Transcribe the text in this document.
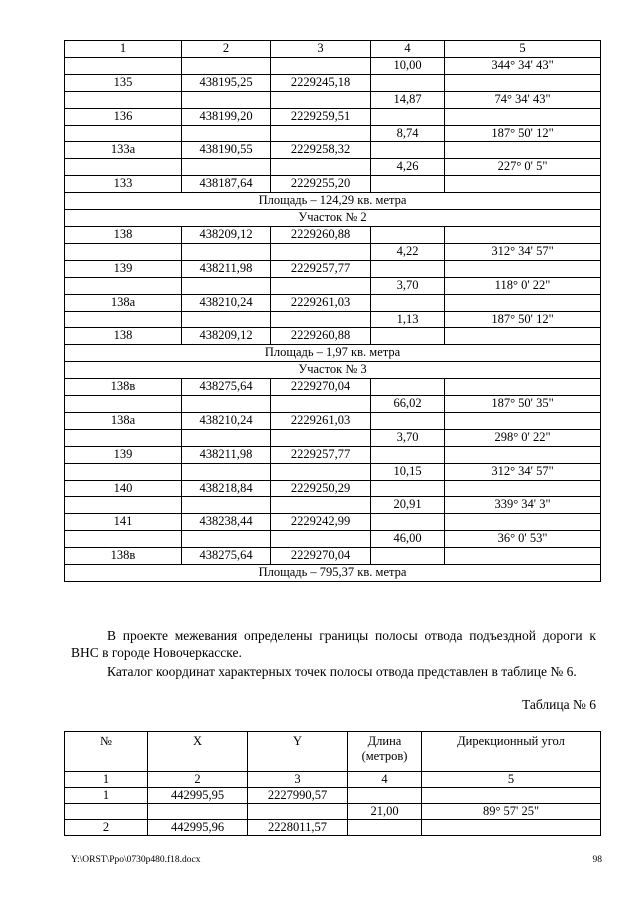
1	2	3	4	5
			10,00	344° 34' 43"
135	438195,25	2229245,18		
			14,87	74° 34' 43"
136	438199,20	2229259,51		
			8,74	187° 50' 12"
133а	438190,55	2229258,32		
			4,26	227° 0' 5"
133	438187,64	2229255,20		
Площадь – 124,29 кв. метра				
Участок № 2				
138	438209,12	2229260,88		
			4,22	312° 34' 57"
139	438211,98	2229257,77		
			3,70	118° 0' 22"
138а	438210,24	2229261,03		
			1,13	187° 50' 12"
138	438209,12	2229260,88		
Площадь – 1,97 кв. метра				
Участок № 3				
138в	438275,64	2229270,04		
			66,02	187° 50' 35"
138а	438210,24	2229261,03		
			3,70	298° 0' 22"
139	438211,98	2229257,77		
			10,15	312° 34' 57"
140	438218,84	2229250,29		
			20,91	339° 34' 3"
141	438238,44	2229242,99		
			46,00	36° 0' 53"
138в	438275,64	2229270,04		
Площадь – 795,37 кв. метра				
В проекте межевания определены границы полосы отвода подъездной дороги к ВНС в городе Новочеркасске.
Каталог координат характерных точек полосы отвода представлен в таблице № 6.
Таблица № 6
№	X	Y	Длина (метров)	Дирекционный угол
1	2	3	4	5
1	442995,95	2227990,57		
			21,00	89° 57' 25"
2	442995,96	2228011,57		
Y:\ORST\Ppo\0730p480.f18.docx	98
